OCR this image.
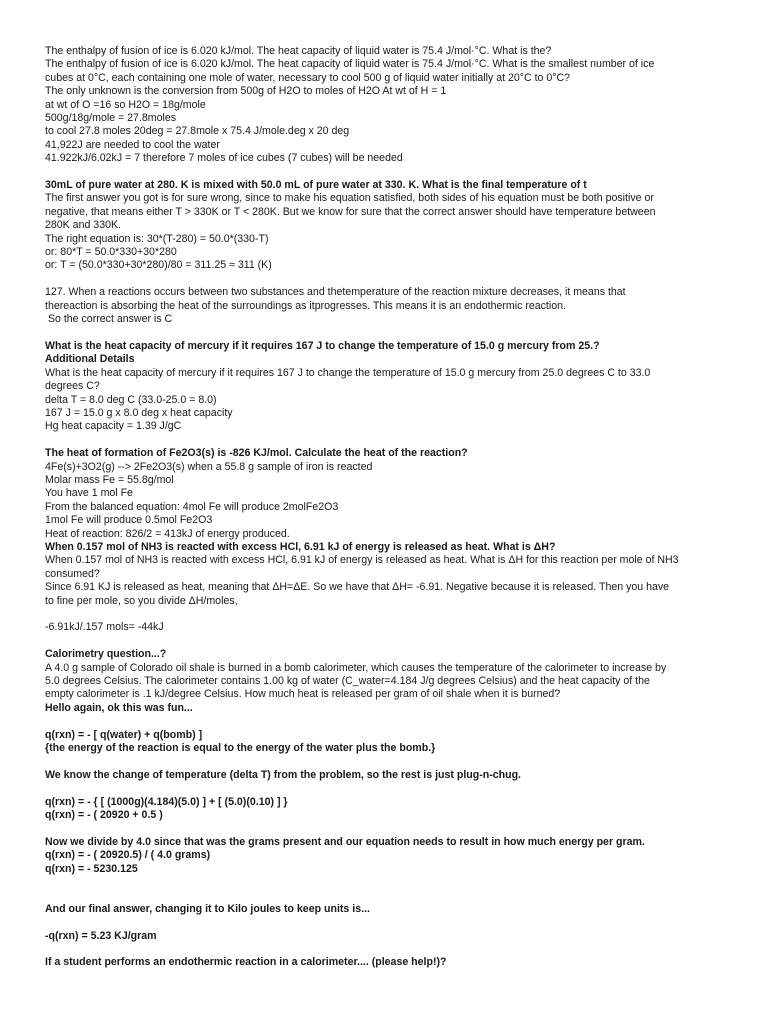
The enthalpy of fusion of ice is 6.020 kJ/mol. The heat capacity of liquid water is 75.4 J/mol·°C. What is the?
The enthalpy of fusion of ice is 6.020 kJ/mol. The heat capacity of liquid water is 75.4 J/mol·°C. What is the smallest number of ice
cubes at 0°C, each containing one mole of water, necessary to cool 500 g of liquid water initially at 20°C to 0°C?
The only unknown is the conversion from 500g of H2O to moles of H2O At wt of H = 1
at wt of O =16 so H2O = 18g/mole
500g/18g/mole = 27.8moles
to cool 27.8 moles 20deg = 27.8mole x 75.4 J/mole.deg x 20 deg
41,922J are needed to cool the water
41.922kJ/6.02kJ = 7 therefore 7 moles of ice cubes (7 cubes) will be needed
30mL of pure water at 280. K is mixed with 50.0 mL of pure water at 330. K. What is the final temperature of t
The first answer you got is for sure wrong, since to make his equation satisfied, both sides of his equation must be both positive or
negative, that means either T > 330K or T < 280K. But we know for sure that the correct answer should have temperature between
280K and 330K.
The right equation is: 30*(T-280) = 50.0*(330-T)
or: 80*T = 50.0*330+30*280
or: T = (50.0*330+30*280)/80 = 311.25 ≈ 311 (K)
127. When a reactions occurs between two substances and thetemperature of the reaction mixture decreases, it means that
thereaction is absorbing the heat of the surroundings as itprogresses. This means it is an endothermic reaction.
So the correct answer is C
What is the heat capacity of mercury if it requires 167 J to change the temperature of 15.0 g mercury from 25.?
Additional Details
What is the heat capacity of mercury if it requires 167 J to change the temperature of 15.0 g mercury from 25.0 degrees C to 33.0
degrees C?
delta T = 8.0 deg C (33.0-25.0 = 8.0)
167 J = 15.0 g x 8.0 deg x heat capacity
Hg heat capacity = 1.39 J/gC
The heat of formation of Fe2O3(s) is -826 KJ/mol. Calculate the heat of the reaction?
4Fe(s)+3O2(g) --> 2Fe2O3(s) when a 55.8 g sample of iron is reacted
Molar mass Fe = 55.8g/mol
You have 1 mol Fe
From the balanced equation: 4mol Fe will produce 2molFe2O3
1mol Fe will produce 0.5mol Fe2O3
Heat of reaction: 826/2 = 413kJ of energy produced.
When 0.157 mol of NH3 is reacted with excess HCl, 6.91 kJ of energy is released as heat. What is ΔH?
When 0.157 mol of NH3 is reacted with excess HCl, 6.91 kJ of energy is released as heat. What is ΔH for this reaction per mole of NH3
consumed?
Since 6.91 KJ is released as heat, meaning that ΔH=ΔE. So we have that ΔH= -6.91. Negative because it is released. Then you have
to fine per mole, so you divide ΔH/moles,
-6.91kJ/.157 mols= -44kJ
Calorimetry question...?
A 4.0 g sample of Colorado oil shale is burned in a bomb calorimeter, which causes the temperature of the calorimeter to increase by
5.0 degrees Celsius. The calorimeter contains 1.00 kg of water (C_water=4.184 J/g degrees Celsius) and the heat capacity of the
empty calorimeter is .1 kJ/degree Celsius. How much heat is released per gram of oil shale when it is burned?
Hello again, ok this was fun...
q(rxn) = - [ q(water) + q(bomb) ]
{the energy of the reaction is equal to the energy of the water plus the bomb.}
We know the change of temperature (delta T) from the problem, so the rest is just plug-n-chug.
q(rxn) = - { [ (1000g)(4.184)(5.0) ] + [ (5.0)(0.10) ] }
q(rxn) = - ( 20920 + 0.5 )
Now we divide by 4.0 since that was the grams present and our equation needs to result in how much energy per gram.
q(rxn) = - ( 20920.5) / ( 4.0 grams)
q(rxn) = - 5230.125
And our final answer, changing it to Kilo joules to keep units is...
-q(rxn) = 5.23 KJ/gram
If a student performs an endothermic reaction in a calorimeter.... (please help!)?
